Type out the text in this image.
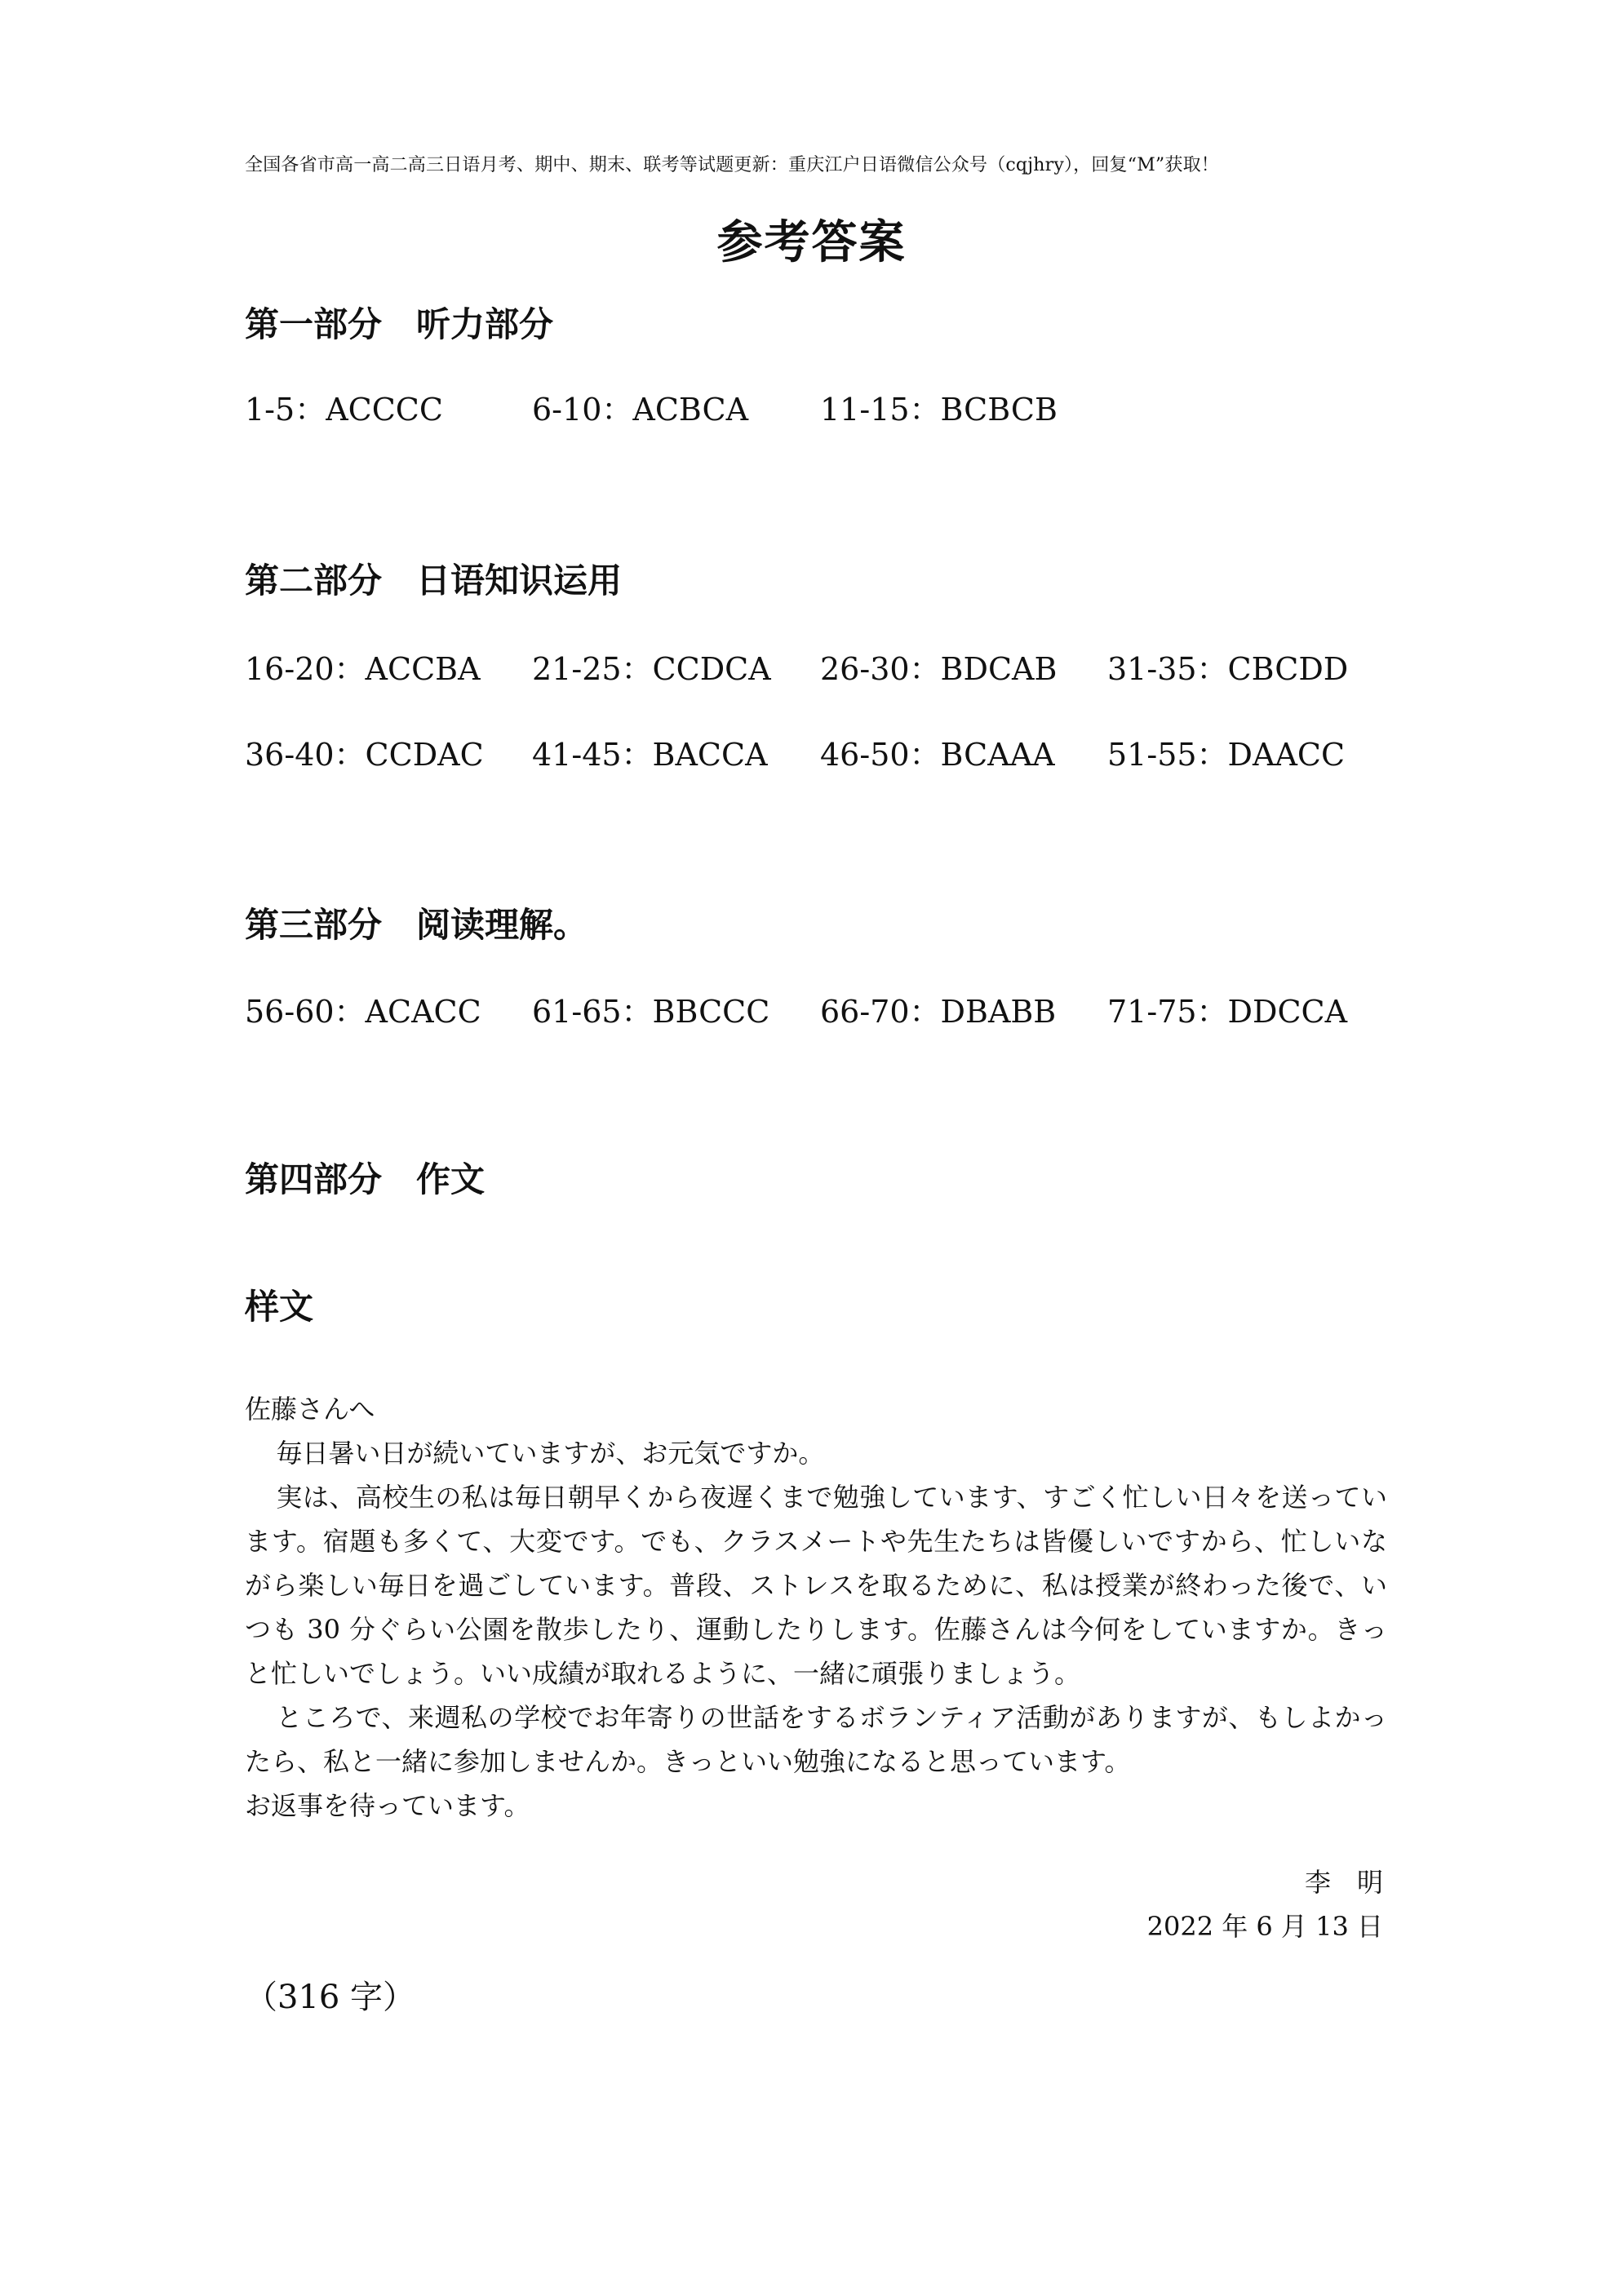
全国各省市高一高二高三日语月考、期中、期末、联考等试题更新：重庆江户日语微信公众号（cqjhry），回复“M”获取！
参考答案
第一部分　听力部分
1-5：ACCCC	6-10：ACBCA 11-15：BCBCB
第二部分　日语知识运用
16-20：ACCBA 21-25：CCDCA 26-30：BDCAB 31-35：CBCDD
36-40：CCDAC 41-45：BACCA 46-50：BCAAA 51-55：DAACC
第三部分　阅读理解。
56-60：ACACC 61-65：BBCCC 66-70：DBABB 71-75：DDCCA
第四部分　作文
样文

佐藤さんへ

毎日暑い日が続いていますが、お元気ですか。

実は、高校生の私は毎日朝早くから夜遅くまで勉強しています、すごく忙しい日々を送っています。宿題も多くて、大変です。でも、クラスメートや先生たちは皆優しいですから、忙しいながら楽しい毎日を過ごしています。普段、ストレスを取るために、私は授業が終わった後で、いつも 30 分ぐらい公園を散歩したり、運動したりします。佐藤さんは今何をしていますか。きっと忙しいでしょう。いい成績が取れるように、一緒に頑張りましょう。

ところで、来週私の学校でお年寄りの世話をするボランティア活動がありますが、もしよかったら、私と一緒に参加しませんか。きっといい勉強になると思っています。

お返事を待っています。

李　明
2022 年 6 月 13 日
（316 字）
